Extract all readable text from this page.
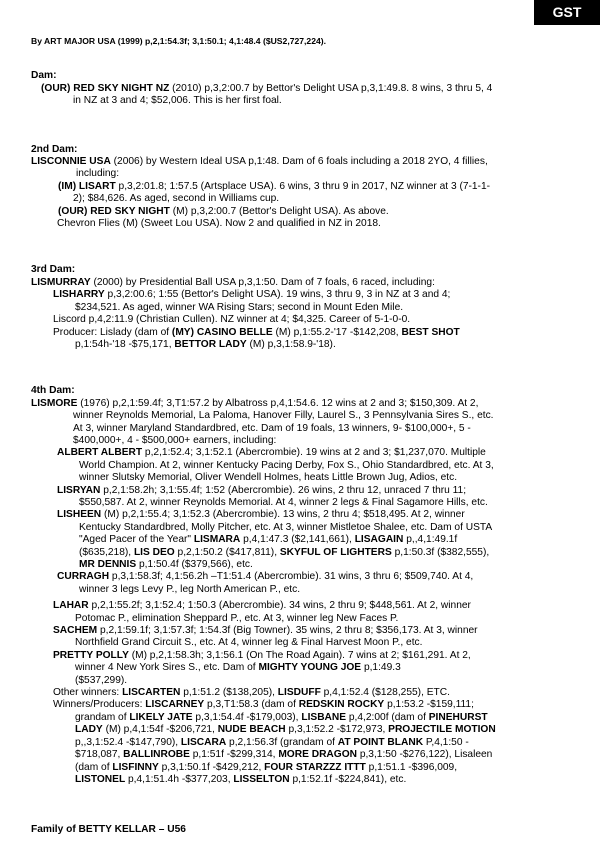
GST
By ART MAJOR USA (1999) p,2,1:54.3f; 3,1:50.1; 4,1:48.4 ($US2,727,224).
Dam:
(OUR) RED SKY NIGHT NZ (2010) p,3,2:00.7 by Bettor's Delight USA p,3,1:49.8. 8 wins, 3 thru 5, 4
in NZ at 3 and 4; $52,006. This is her first foal.
2nd Dam:
LISCONNIE USA (2006) by Western Ideal USA p,1:48. Dam of 6 foals including a 2018 2YO, 4 fillies,
including:
(IM) LISART p,3,2:01.8; 1:57.5 (Artsplace USA). 6 wins, 3 thru 9 in 2017, NZ winner at 3 (7-1-1-
2); $84,626. As aged, second in Williams cup.
(OUR) RED SKY NIGHT (M) p,3,2:00.7 (Bettor's Delight USA). As above.
Chevron Flies (M) (Sweet Lou USA). Now 2 and qualified in NZ in 2018.
3rd Dam:
LISMURRAY (2000) by Presidential Ball USA p,3,1:50. Dam of 7 foals, 6 raced, including:
LISHARRY p,3,2:00.6; 1:55 (Bettor's Delight USA). 19 wins, 3 thru 9, 3 in NZ at 3 and 4;
$234,521. As aged, winner WA Rising Stars; second in Mount Eden Mile.
Liscord p,4,2:11.9 (Christian Cullen). NZ winner at 4; $4,325. Career of 5-1-0-0.
Producer: Lislady (dam of (MY) CASINO BELLE (M) p,1:55.2-'17 -$142,208, BEST SHOT
p,1:54h-'18 -$75,171, BETTOR LADY (M) p,3,1:58.9-'18).
4th Dam:
LISMORE (1976) p,2,1:59.4f; 3,T1:57.2 by Albatross p,4,1:54.6. 12 wins at 2 and 3; $150,309. At 2,
winner Reynolds Memorial, La Paloma, Hanover Filly, Laurel S., 3 Pennsylvania Sires S., etc.
At 3, winner Maryland Standardbred, etc. Dam of 19 foals, 13 winners, 9- $100,000+, 5 -
$400,000+, 4 - $500,000+ earners, including:
ALBERT ALBERT p,2,1:52.4; 3,1:52.1 (Abercrombie). 19 wins at 2 and 3; $1,237,070. Multiple
World Champion. At 2, winner Kentucky Pacing Derby, Fox S., Ohio Standardbred, etc. At 3,
winner Slutsky Memorial, Oliver Wendell Holmes, heats Little Brown Jug, Adios, etc.
LISRYAN p,2,1:58.2h; 3,1:55.4f; 1:52 (Abercrombie). 26 wins, 2 thru 12, unraced 7 thru 11;
$550,587. At 2, winner Reynolds Memorial. At 4, winner 2 legs & Final Sagamore Hills, etc.
LISHEEN (M) p,2,1:55.4; 3,1:52.3 (Abercrombie). 13 wins, 2 thru 4; $518,495. At 2, winner
Kentucky Standardbred, Molly Pitcher, etc. At 3, winner Mistletoe Shalee, etc. Dam of USTA
"Aged Pacer of the Year" LISMARA p,4,1:47.3 ($2,141,661), LISAGAIN p,,4,1:49.1f
($635,218), LIS DEO p,2,1:50.2 ($417,811), SKYFUL OF LIGHTERS p,1:50.3f ($382,555),
MR DENNIS p,1:50.4f ($379,566), etc.
CURRAGH p,3,1:58.3f; 4,1:56.2h –T1:51.4 (Abercrombie). 31 wins, 3 thru 6; $509,740. At 4,
winner 3 legs Levy P., leg North American P., etc.
LAHAR p,2,1:55.2f; 3,1:52.4; 1:50.3 (Abercrombie). 34 wins, 2 thru 9; $448,561. At 2, winner
Potomac P., elimination Sheppard P., etc. At 3, winner leg New Faces P.
SACHEM p,2,1:59.1f; 3,1:57.3f; 1:54.3f (Big Towner). 35 wins, 2 thru 8; $356,173. At 3, winner
Northfield Grand Circuit S., etc. At 4, winner leg & Final Harvest Moon P., etc.
PRETTY POLLY (M) p,2,1:58.3h; 3,1:56.1 (On The Road Again). 7 wins at 2; $161,291. At 2,
winner 4 New York Sires S., etc. Dam of MIGHTY YOUNG JOE p,1:49.3
($537,299).
Other winners: LISCARTEN p,1:51.2 ($138,205), LISDUFF p,4,1:52.4 ($128,255), ETC.
Winners/Producers: LISCARNEY p,3,T1:58.3 (dam of REDSKIN ROCKY p,1:53.2 -$159,111;
grandam of LIKELY JATE p,3,1:54.4f -$179,003), LISBANE p,4,2:00f (dam of PINEHURST
LADY (M) p,4,1:54f -$206,721, NUDE BEACH p,3,1:52.2 -$172,973, PROJECTILE MOTION
p,,3,1:52.4 -$147,790), LISCARA p,2,1:56.3f (grandam of AT POINT BLANK P,4,1:50 -
$718,087, BALLINROBE p,1:51f -$299,314, MORE DRAGON p,3,1:50 -$276,122), Lisaleen
(dam of LISFINNY p,3,1:50.1f -$429,212, FOUR STARZZZ ITTT p,1:51.1 -$396,009,
LISTONEL p,4,1:51.4h -$377,203, LISSELTON p,1:52.1f -$224,841), etc.
Family of BETTY KELLAR – U56
